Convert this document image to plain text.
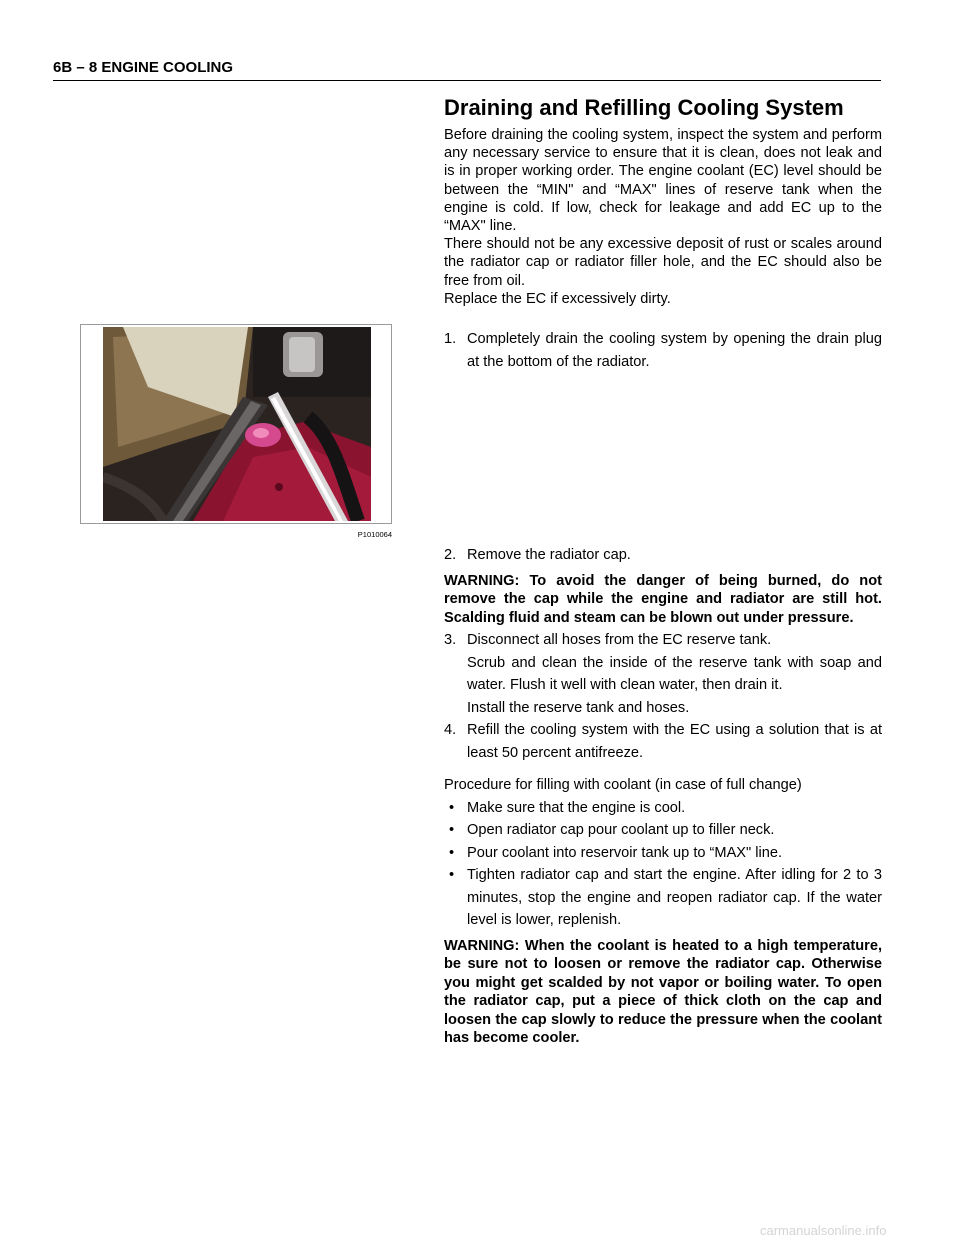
6B – 8 ENGINE COOLING
Draining and Refilling Cooling System

Before draining the cooling system, inspect the system and perform any necessary service to ensure that it is clean, does not leak and is in proper working order. The engine coolant (EC) level should be between the “MIN" and “MAX" lines of reserve tank when the engine is cold. If low, check for leakage and add EC up to the “MAX" line.

There should not be any excessive deposit of rust or scales around the radiator cap or radiator filler hole, and the EC should also be free from oil.

Replace the EC if excessively dirty.

P1010064
1. Completely drain the cooling system by opening the drain plug at the bottom of the radiator.
2. Remove the radiator cap.

WARNING: To avoid the danger of being burned, do not remove the cap while the engine and radiator are still hot. Scalding fluid and steam can be blown out under pressure.

3. Disconnect all hoses from the EC reserve tank.
Scrub and clean the inside of the reserve tank with soap and water. Flush it well with clean water, then drain it.
Install the reserve tank and hoses.
4. Refill the cooling system with the EC using a solution that is at least 50 percent antifreeze.
Procedure for filling with coolant (in case of full change)
• Make sure that the engine is cool.
• Open radiator cap pour coolant up to filler neck.
• Pour coolant into reservoir tank up to “MAX" line.
• Tighten radiator cap and start the engine. After idling for 2 to 3 minutes, stop the engine and reopen radiator cap. If the water level is lower, replenish.

WARNING: When the coolant is heated to a high temperature, be sure not to loosen or remove the radiator cap. Otherwise you might get scalded by not vapor or boiling water. To open the radiator cap, put a piece of thick cloth on the cap and loosen the cap slowly to reduce the pressure when the coolant has become cooler.

carmanualsonline.info
